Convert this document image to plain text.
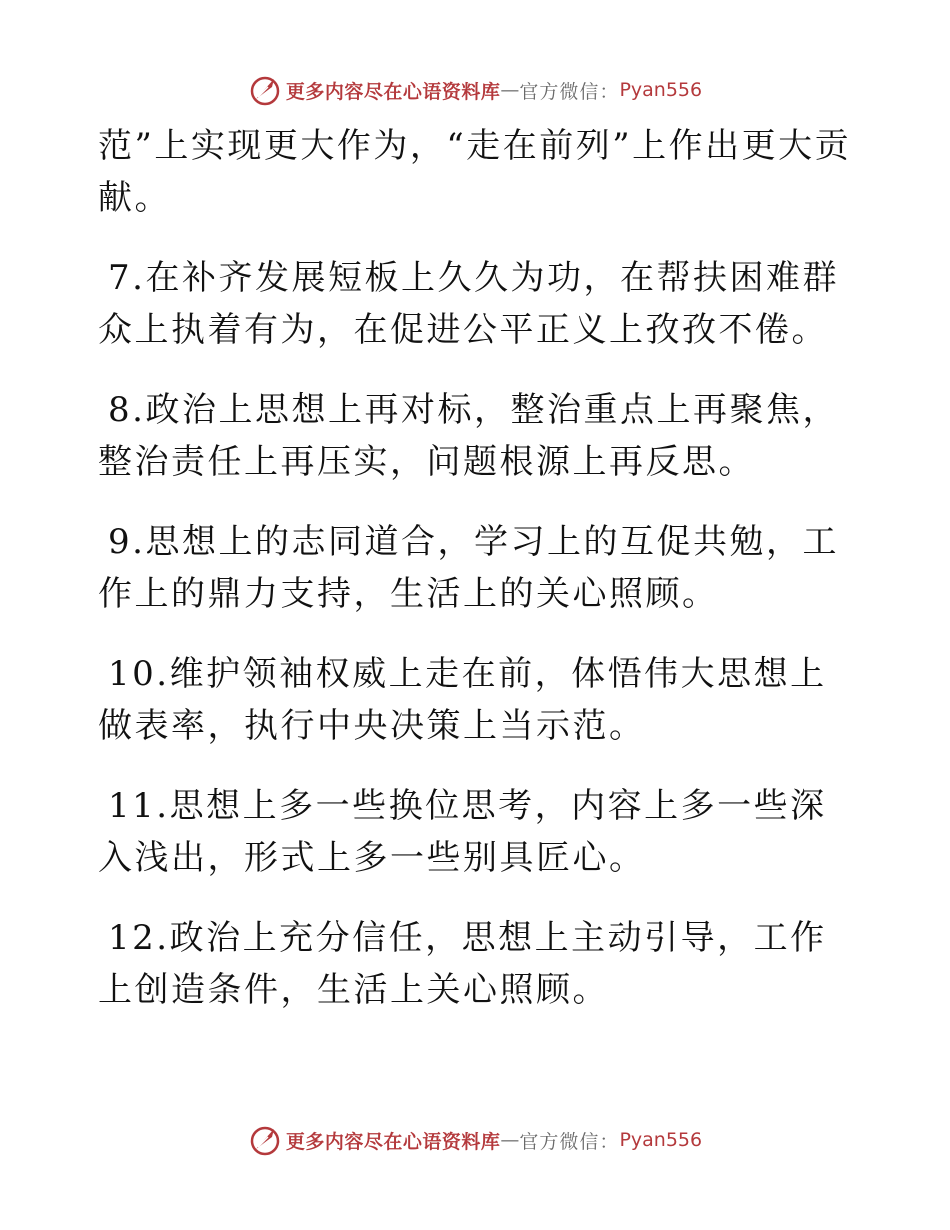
更多内容尽在心语资料库 — 官方微信： Pyan556

范”上实现更大作为，“走在前列”上作出更大贡献。

7.在补齐发展短板上久久为功，在帮扶困难群众上执着有为，在促进公平正义上孜孜不倦。

8.政治上思想上再对标，整治重点上再聚焦，整治责任上再压实，问题根源上再反思。

9.思想上的志同道合，学习上的互促共勉，工作上的鼎力支持，生活上的关心照顾。

10.维护领袖权威上走在前，体悟伟大思想上做表率，执行中央决策上当示范。

11.思想上多一些换位思考，内容上多一些深入浅出，形式上多一些别具匠心。

12.政治上充分信任，思想上主动引导，工作上创造条件，生活上关心照顾。

更多内容尽在心语资料库 — 官方微信： Pyan556
